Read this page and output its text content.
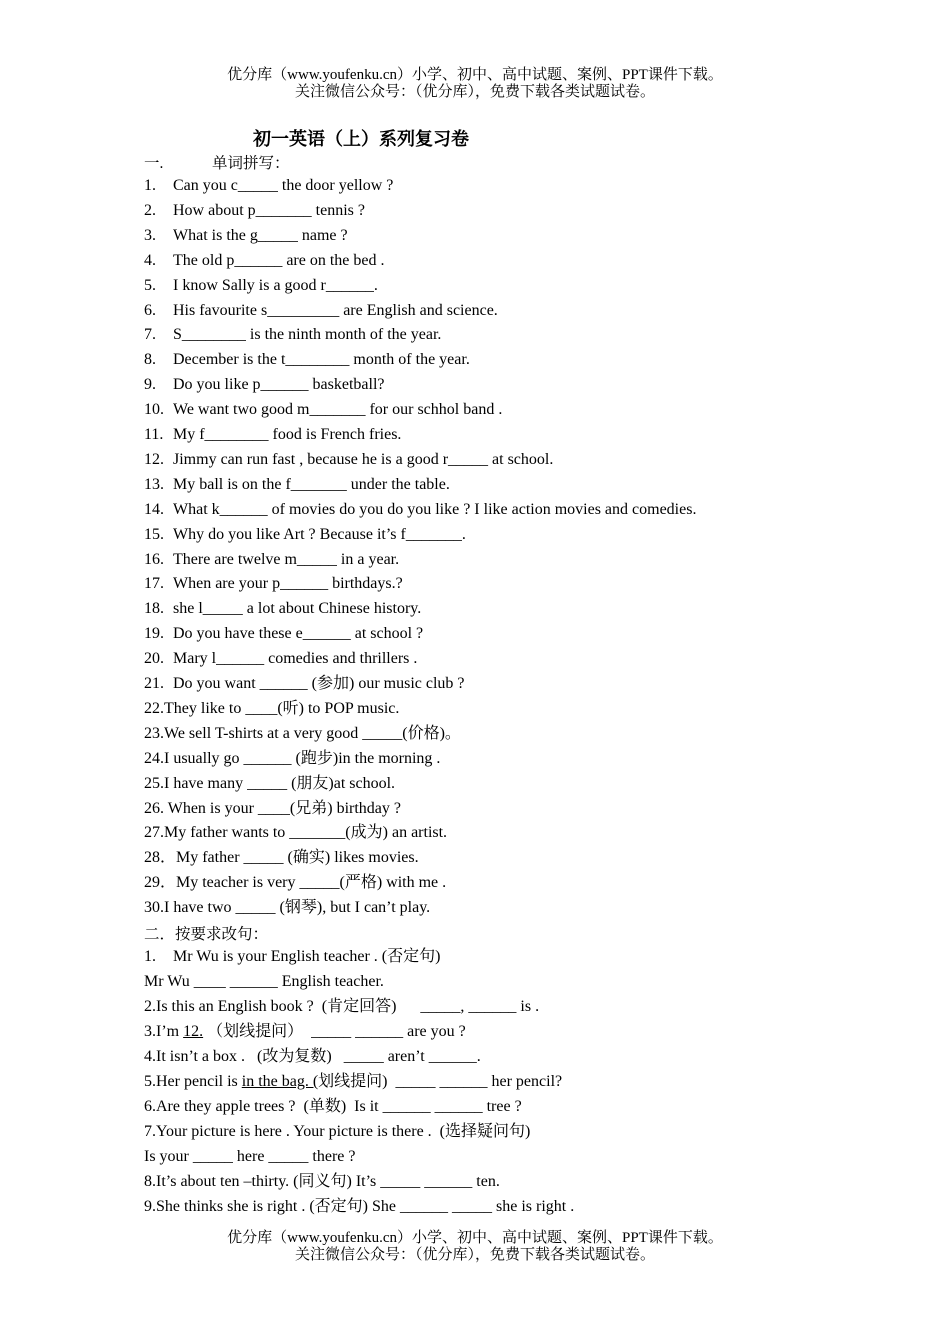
优分库（www.youfenku.cn）小学、初中、高中试题、案例、PPT课件下载。
关注微信公众号：（优分库），免费下载各类试题试卷。
初一英语（上）系列复习卷
一.	单词拼写：
1. Can you c_____ the door yellow ?
2. How about p_______ tennis ?
3. What is the g_____ name ?
4. The old p______ are on the bed .
5. I know Sally is a good r______.
6. His favourite s_________ are English and science.
7. S________ is the ninth month of the year.
8. December is the t________ month of the year.
9. Do you like p______ basketball?
10. We want two good m_______ for our schhol band .
11. My f________ food is French fries.
12. Jimmy can run fast , because he is a good r_____ at school.
13. My ball is on the f_______ under the table.
14. What k______ of movies do you do you like ? I like action movies and comedies.
15. Why do you like Art ? Because it’s f_______.
16. There are twelve m_____ in a year.
17. When are your p______ birthdays.?
18. she l_____ a lot about Chinese history.
19. Do you have these e______ at school ?
20. Mary l______ comedies and thrillers .
21. Do you want ______ (参加) our music club ?
22.They like to ____(听) to POP music.
23.We sell T-shirts at a very good _____(价格)。
24.I usually go ______ (跑步)in the morning .
25.I have many _____ (朋友)at school.
26. When is your ____(兄弟) birthday ?
27.My father wants to _______(成为) an artist.
28．My father _____ (确实) likes movies.
29．My teacher is very _____(严格) with me .
30.I have two _____ (钢琴), but I can’t play.
二．按要求改句：
1. Mr Wu is your English teacher . (否定句)
Mr Wu ____ ______ English teacher.
2.Is this an English book ?  (肯定回答)      _____, ______ is .
3.I’m 12. （划线提问）  _____ ______ are you ?
4.It isn’t a box .   (改为复数)   _____ aren’t ______.
5.Her pencil is in the bag. (划线提问)  _____ ______ her pencil?
6.Are they apple trees ?  (单数)  Is it ______ ______ tree ?
7.Your picture is here . Your picture is there .  (选择疑问句)
Is your _____ here _____ there ?
8.It’s about ten –thirty. (同义句) It’s _____ ______ ten.
9.She thinks she is right . (否定句) She ______ _____ she is right .
优分库（www.youfenku.cn）小学、初中、高中试题、案例、PPT课件下载。
关注微信公众号：（优分库），免费下载各类试题试卷。
